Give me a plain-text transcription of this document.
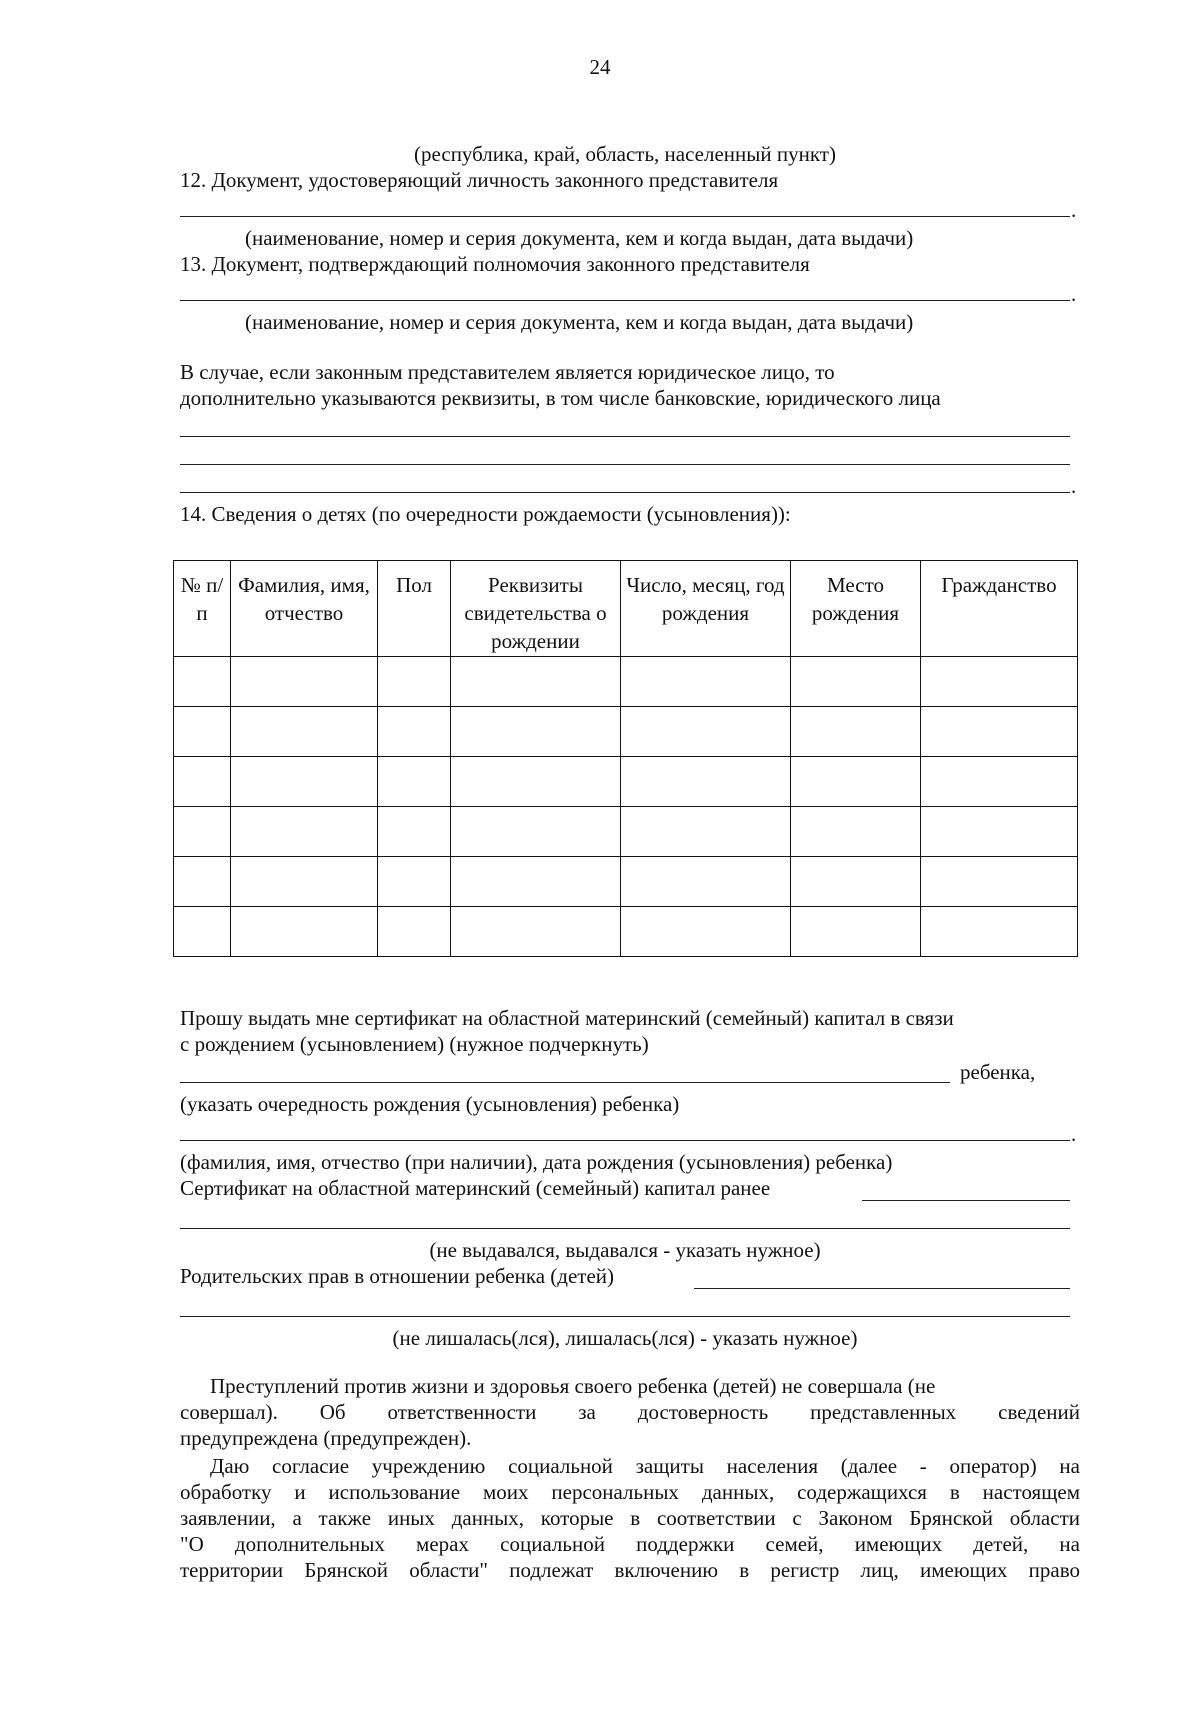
24
(республика, край, область, населенный пункт)
12. Документ, удостоверяющий личность законного представителя
.
(наименование, номер и серия документа, кем и когда выдан, дата выдачи)
13. Документ, подтверждающий полномочия законного представителя
.
(наименование, номер и серия документа, кем и когда выдан, дата выдачи)
В случае, если законным представителем является юридическое лицо, то
дополнительно указываются реквизиты, в том числе банковские, юридического лица
.
14. Сведения о детях (по очередности рождаемости (усыновления)):
№ п/п	Фамилия, имя, отчество	Пол	Реквизиты свидетельства о рождении	Число, месяц, год рождения	Место рождения	Гражданство

Прошу выдать мне сертификат на областной материнский (семейный) капитал в связи
с рождением (усыновлением) (нужное подчеркнуть)
ребенка,
(указать очередность рождения (усыновления) ребенка)
.
(фамилия, имя, отчество (при наличии), дата рождения (усыновления) ребенка)
Сертификат на областной материнский (семейный) капитал ранее
(не выдавался, выдавался - указать нужное)
Родительских прав в отношении ребенка (детей)
(не лишалась(лся), лишалась(лся) - указать нужное)
Преступлений против жизни и здоровья своего ребенка (детей) не совершала (не
совершал). Об ответственности за достоверность представленных сведений
предупреждена (предупрежден).
Даю согласие учреждению социальной защиты населения (далее - оператор) на
обработку и использование моих персональных данных, содержащихся в настоящем
заявлении, а также иных данных, которые в соответствии с Законом Брянской области
"О дополнительных мерах социальной поддержки семей, имеющих детей, на
территории Брянской области" подлежат включению в регистр лиц, имеющих право
